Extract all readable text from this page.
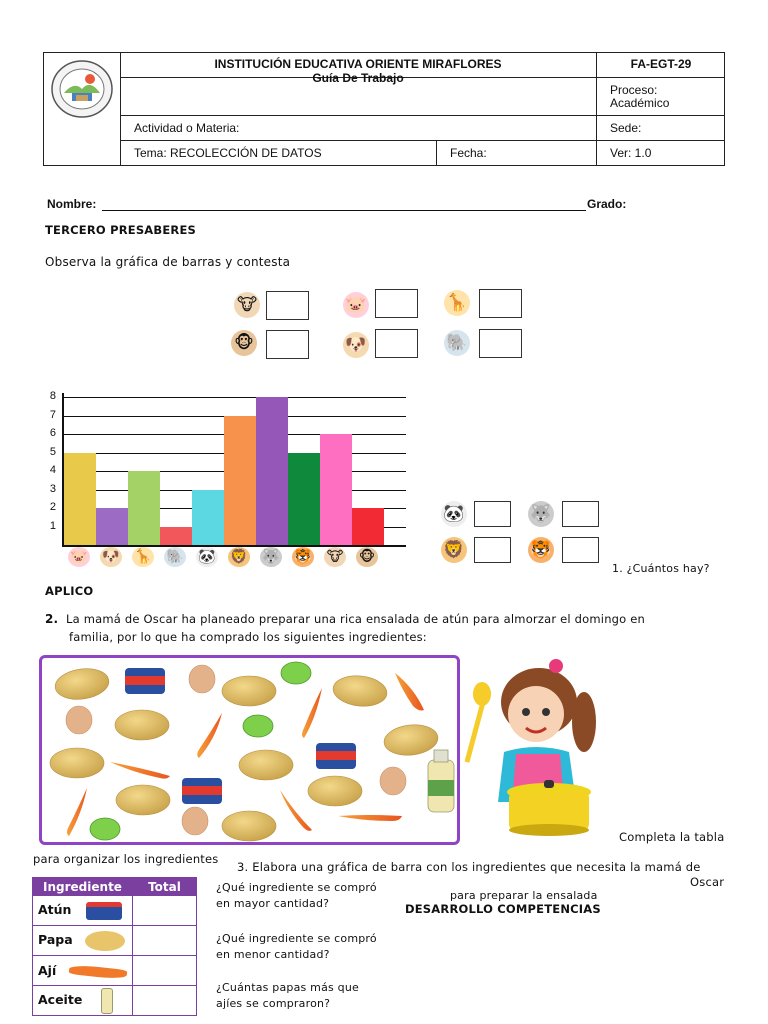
INSTITUCIÓN EDUCATIVA ORIENTE MIRAFLORES
Guía De Trabajo
FA-EGT-29
Proceso:
Académico
Actividad o Materia:	Sede:
Tema: RECOLECCIÓN DE DATOS	Fecha:	Ver: 1.0
Nombre:	Grado:
TERCERO PRESABERES
Observa la gráfica de barras y contesta
🐮	🐷	🦒
🐵	🐶	🐘
1
2
3
4
5
6
7
8
🐷 🐶 🦒 🐘 🐼 🦁 🐺 🐯 🐮 🐵
🐼	🐺
🦁	🐯
1. ¿Cuántos hay?
APLICO
2. La mamá de Oscar ha planeado preparar una rica ensalada de atún para almorzar el domingo en
familia, por lo que ha comprado los siguientes ingredientes:
Completa la tabla
para organizar los ingredientes
3. Elabora una gráfica de barra con los ingredientes que necesita la mamá de
Oscar
para preparar la ensalada
DESARROLLO COMPETENCIAS
Ingrediente	Total
Atún	
Papa	
Ají	
Aceite	
¿Qué ingrediente se compró
en mayor cantidad?
¿Qué ingrediente se compró
en menor cantidad?
¿Cuántas papas más que
ajíes se compraron?
